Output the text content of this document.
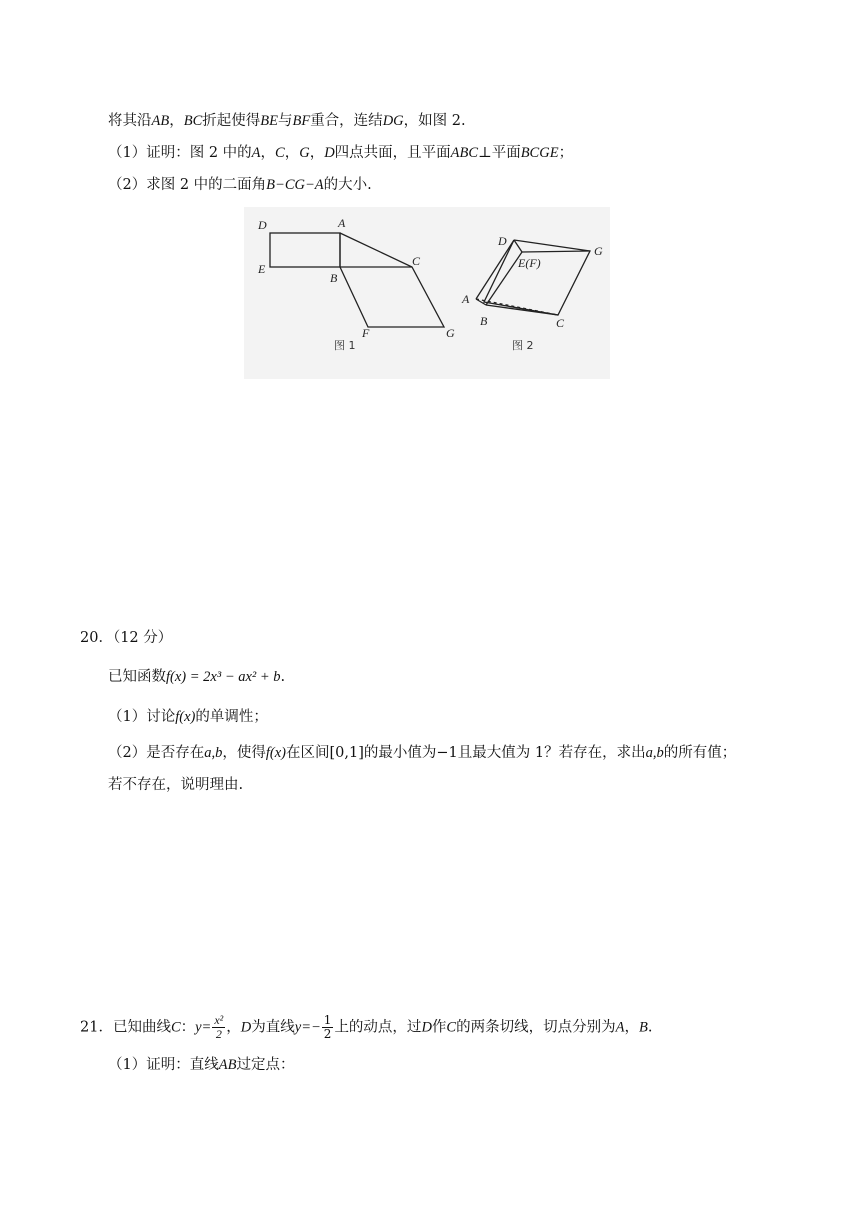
将其沿AB，BC折起使得BE与BF重合，连结DG，如图 2.
（1）证明：图 2 中的A，C，G，D四点共面，且平面ABC⊥平面BCGE；
（2）求图 2 中的二面角B−CG−A的大小.
D	A
E
B
C
F	G
图 1
D
G
E(F)
A
B	C
图 2
20．（12 分）
已知函数f(x) = 2x³ − ax² + b.
（1）讨论f(x)的单调性；
（2）是否存在a,b，使得f(x)在区间[0,1]的最小值为−1且最大值为 1？若存在，求出a,b的所有值；
若不存在，说明理由.
21．已知曲线C：$y= \frac{\text{x²}}{2}$ ，D为直线$y=- \frac{1}{2}$ 上的动点，过D作C的两条切线，切点分别为A，B.
（1）证明：直线AB过定点：
